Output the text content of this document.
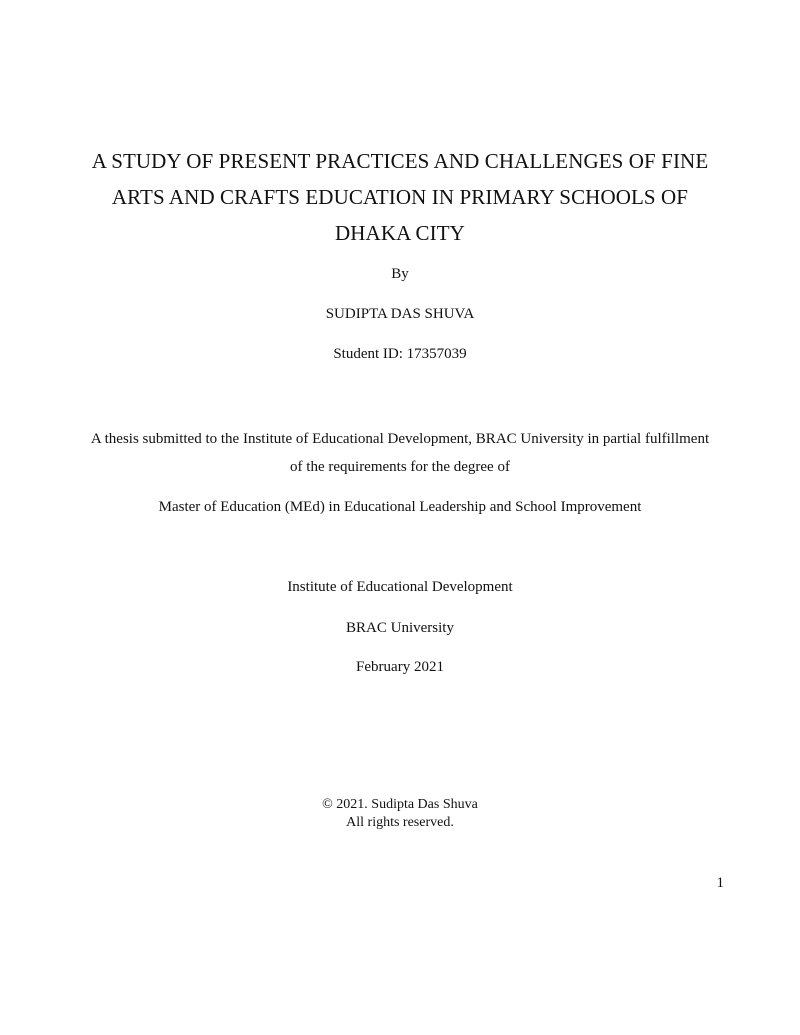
A STUDY OF PRESENT PRACTICES AND CHALLENGES OF FINE
ARTS AND CRAFTS EDUCATION IN PRIMARY SCHOOLS OF
DHAKA CITY
By
SUDIPTA DAS SHUVA
Student ID: 17357039
A thesis submitted to the Institute of Educational Development, BRAC University in partial fulfillment
of the requirements for the degree of
Master of Education (MEd) in Educational Leadership and School Improvement
Institute of Educational Development
BRAC University
February 2021
© 2021. Sudipta Das Shuva
All rights reserved.
1
